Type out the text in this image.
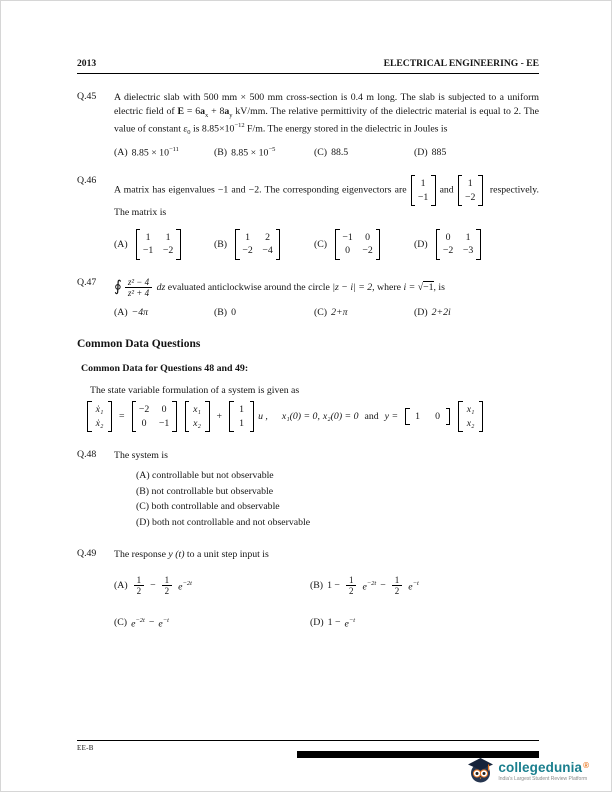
2013	ELECTRICAL ENGINEERING - EE
Q.45	A dielectric slab with 500 mm × 500 mm cross-section is 0.4 m long. The slab is subjected to a uniform electric field of $E = 6a_x + 8a_y$ kV/mm. The relative permittivity of the dielectric material is equal to 2. The value of constant $\varepsilon_0$ is $8.85\times 10^{-12}$ F/m. The energy stored in the dielectric in Joules is

(A) $8.85 \times 10^{-11}$	(B) $8.85 \times 10^{-5}$	(C) 88.5	(D) 885
Q.46

A matrix has eigenvalues −1 and −2. The corresponding eigenvectors are
1
−1
and
1
−2
respectively. The matrix is

(A)
1	1
−1 −2
(B)
1	2
−2 −4
(C)
−1	0
0	−2
(D)
0	1
−2 −3
Q.47	∮ $\frac{\text{z² − 4}}{\text{z² + 4}}$ dz evaluated anticlockwise around the circle |z − i| = 2, where i = √−1, is

(A) −4π	(B) 0	(C) 2+π	(D) 2+2i
Common Data Questions
Common Data for Questions 48 and 49:
The state variable formulation of a system is given as
ẋ₁
ẋ₂
=
−2	0
0	−1
x₁
x₂
+
1
1
u , x₁(0) = 0, x₂(0) = 0 and y =	1	0
x₁
x₂
Q.48	The system is

(A) controllable but not observable
(B) not controllable but observable
(C) both controllable and observable
(D) both not controllable and not observable
Q.49	The response y (t) to a unit step input is

$(A) \frac{1}{2} - \frac{1}{2} e^{-2t}$	(B) $1 - \frac{1}{2} e^{-2t} - \frac{1}{2} e^{-t}$
(C) $e^{-2t} - e^{-t}$	(D) $1 - e^{-t}$
EE-B
collegedunia ®
India's Largest Student Review Platform
